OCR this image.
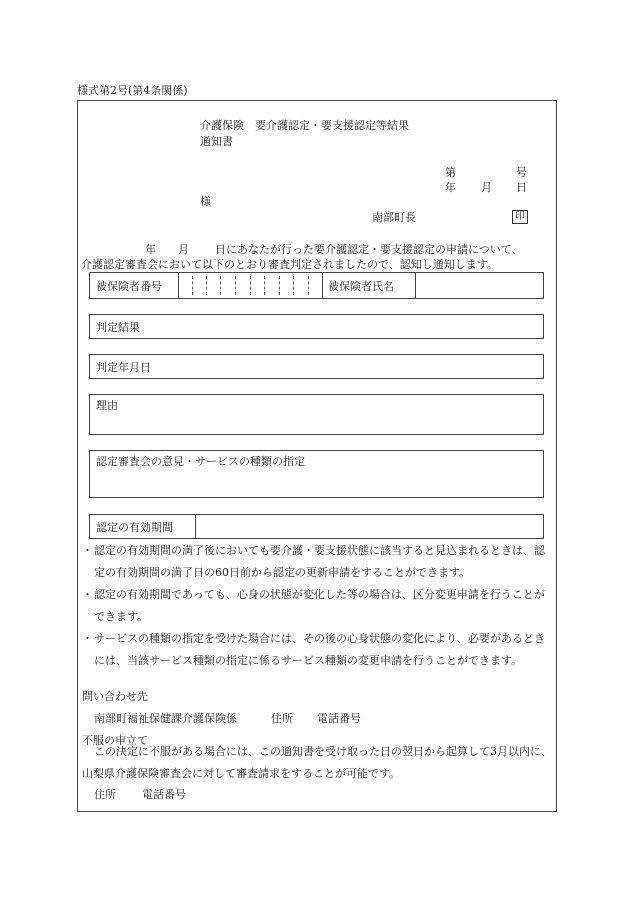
様式第2号(第4条関係)
介護保険　要介護認定・要支援認定等結果
通知書
第	号
年 月 日
様
南部町長	印
年 月 日にあなたが行った要介護認定・要支援認定の申請について、
介護認定審査会において以下のとおり審査判定されましたので、認知し通知します。
被保険者番号	被保険者氏名
判定結果
判定年月日
理由
認定審査会の意見・サービスの種類の指定
認定の有効期間
・ 認定の有効期間の満了後においても要介護・要支援状態に該当すると見込まれるときは、認定の有効期間の満了日の60日前から認定の更新申請をすることができます。
・ 認定の有効期間であっても、心身の状態が変化した等の場合は、区分変更申請を行うことができます。
・ サービスの種類の指定を受けた場合には、その後の心身状態の変化により、必要があるときには、当該サービス種類の指定に係るサービス種類の変更申請を行うことができます。
問い合わせ先
南部町福祉保健課介護保険係	住所 電話番号
不服の申立て
この決定に不服がある場合には、この通知書を受け取った日の翌日から起算して3月以内に、山梨県介護保険審査会に対して審査請求をすることが可能です。
住所 電話番号
